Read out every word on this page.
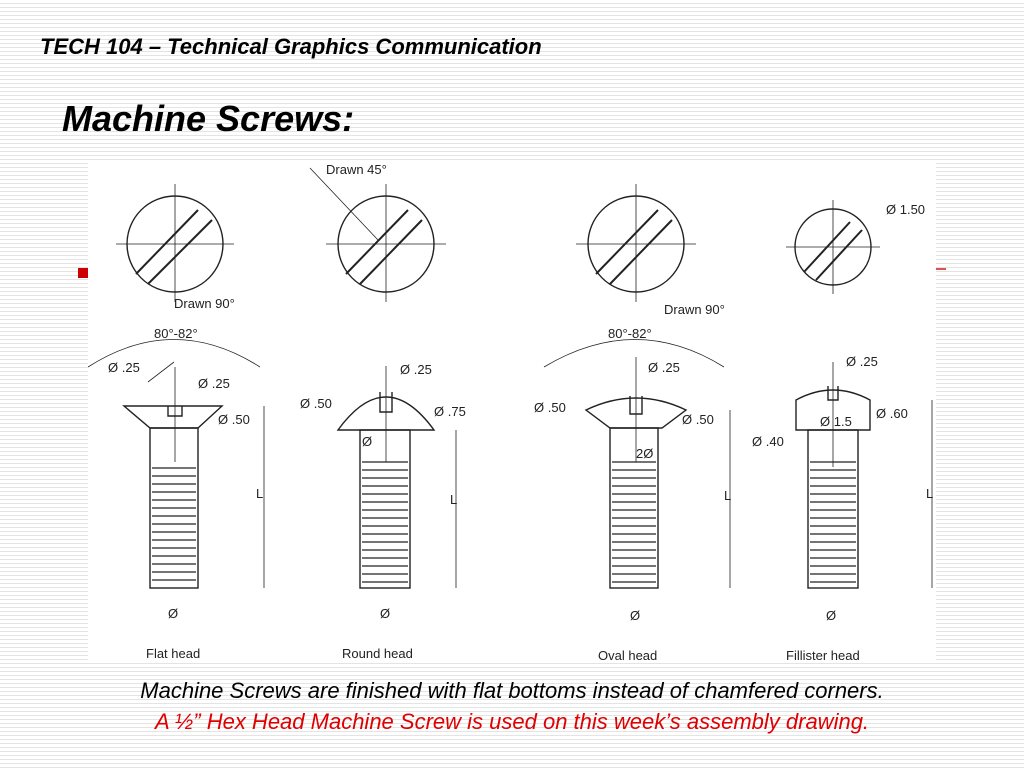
TECH 104 – Technical Graphics Communication
Machine Screws:
Flat head
Drawn 90°
80°-82°
Ø .25
Ø .25
Ø .50
L
Ø
Round head
Drawn 45°
Ø .25
Ø .50
Ø .75
Ø
L
Ø
Oval head
Drawn 90°
80°-82°
Ø .25
Ø .50
Ø .50
2Ø
L
Ø
Fillister head
Ø 1.50
Ø .25
Ø 1.5
Ø .60
Ø .40
L
Ø
Machine Screws are finished with flat bottoms instead of chamfered corners.
A ½” Hex Head Machine Screw is used on this week’s assembly drawing.
